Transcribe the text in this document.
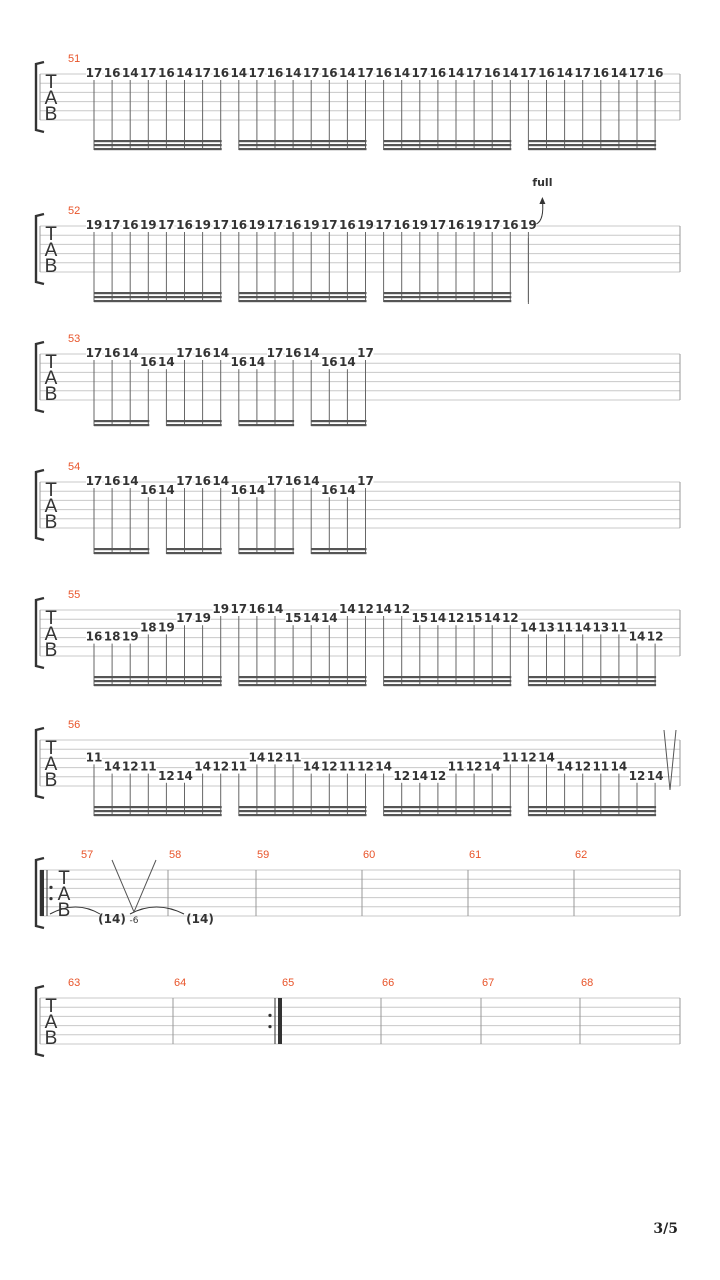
T
A
B
51
17 16 14 17 16 14 17 16 14 17 16 14 17 16 14 17 16 14 17 16 14 17 16 14 17 16 14 17 16 14 17 16
T
A
B
52
19 17 16 19 17 16 19 17 16 19 17 16 19 17 16 19 17 16 19 17 16 19 17 16 19
full
T
A
B
53
17 16 14
16 14
17 16 14
16 14
17 16 14
16 14
17
T
A
B
54
17 16 14
16 14
17 16 14
16 14
17 16 14
16 14
17
T
A
B
55
16 18 19
18 19
17 19
19 17 16 14
15 14 14
14 12 14 12
15 14 12 15 14 12
14 13 11 14 13 11
14 12
T
A
B
56
11
14 12 11
12 14
14 12 11
14 12 11
14 12 11 12 14
12 14 12
11 12 14
11 12 14
14 12 11 14
12 14
T
A
B
57	58	59	60	61	62
(14)	(14)
-6
T
A
B
63	64	65	66	67	68
3/5
